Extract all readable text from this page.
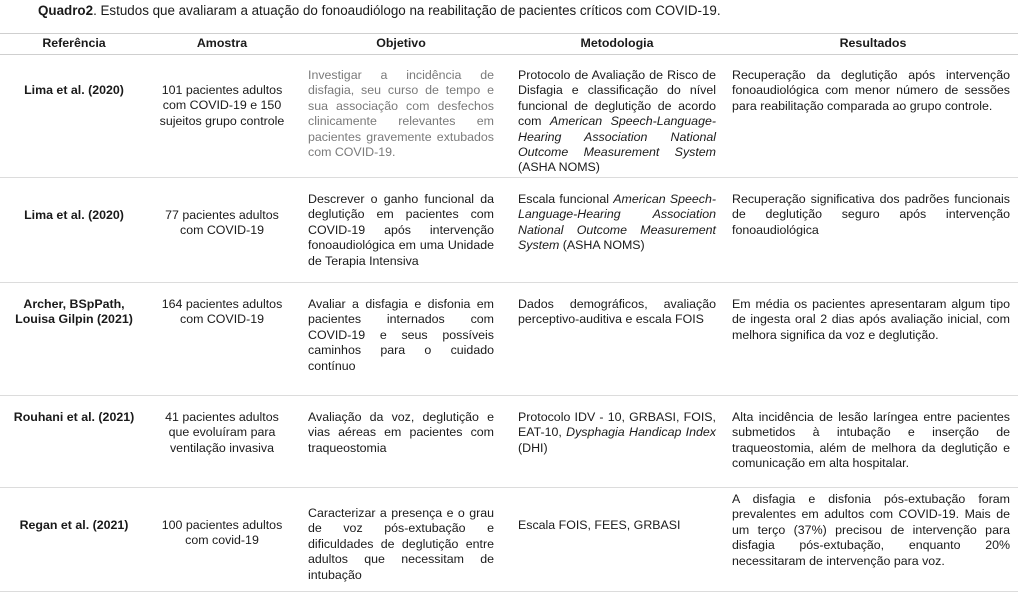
Quadro2. Estudos que avaliaram a atuação do fonoaudiólogo na reabilitação de pacientes críticos com COVID-19.
Referência	Amostra	Objetivo	Metodologia	Resultados
Lima et al. (2020)	101 pacientes adultos com COVID-19 e 150 sujeitos grupo controle	Investigar a incidência de disfagia, seu curso de tempo e sua associação com desfechos clinicamente relevantes em pacientes gravemente extubados com COVID-19.	Protocolo de Avaliação de Risco de Disfagia e classificação do nível funcional de deglutição de acordo com American Speech-Language-Hearing Association National Outcome Measurement System (ASHA NOMS)	Recuperação da deglutição após intervenção fonoaudiológica com menor número de sessões para reabilitação comparada ao grupo controle.
Lima et al. (2020)	77 pacientes adultos com COVID-19	Descrever o ganho funcional da deglutição em pacientes com COVID-19 após intervenção fonoaudiológica em uma Unidade de Terapia Intensiva	Escala funcional American Speech-Language-Hearing Association National Outcome Measurement System (ASHA NOMS)	Recuperação significativa dos padrões funcionais de deglutição seguro após intervenção fonoaudiológica
Archer, BSpPath, Louisa Gilpin (2021)	164 pacientes adultos com COVID-19	Avaliar a disfagia e disfonia em pacientes internados com COVID-19 e seus possíveis caminhos para o cuidado contínuo	Dados demográficos, avaliação perceptivo-auditiva e escala FOIS	Em média os pacientes apresentaram algum tipo de ingesta oral 2 dias após avaliação inicial, com melhora significa da voz e deglutição.
Rouhani et al. (2021)	41 pacientes adultos que evoluíram para ventilação invasiva	Avaliação da voz, deglutição e vias aéreas em pacientes com traqueostomia	Protocolo IDV - 10, GRBASI, FOIS, EAT-10, Dysphagia Handicap Index (DHI)	Alta incidência de lesão laríngea entre pacientes submetidos à intubação e inserção de traqueostomia, além de melhora da deglutição e comunicação em alta hospitalar.
Regan et al. (2021)	100 pacientes adultos com covid-19	Caracterizar a presença e o grau de voz pós-extubação e dificuldades de deglutição entre adultos que necessitam de intubação	Escala FOIS, FEES, GRBASI	A disfagia e disfonia pós-extubação foram prevalentes em adultos com COVID-19. Mais de um terço (37%) precisou de intervenção para disfagia pós-extubação, enquanto 20% necessitaram de intervenção para voz.
